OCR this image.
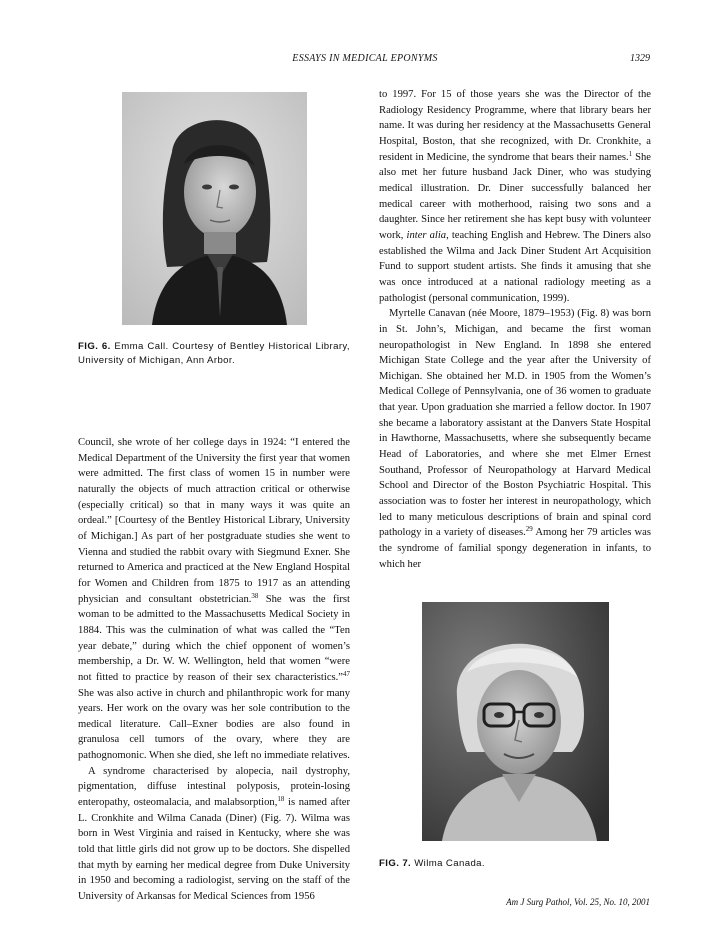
ESSAYS IN MEDICAL EPONYMS	1329
FIG. 6. Emma Call. Courtesy of Bentley Historical Library, University of Michigan, Ann Arbor.

Council, she wrote of her college days in 1924: “I entered the Medical Department of the University the first year that women were admitted. The first class of women 15 in number were naturally the objects of much attraction critical or otherwise (especially critical) so that in many ways it was quite an ordeal.” [Courtesy of the Bentley Historical Library, University of Michigan.] As part of her postgraduate studies she went to Vienna and studied the rabbit ovary with Siegmund Exner. She returned to America and practiced at the New England Hospital for Women and Children from 1875 to 1917 as an attending physician and consultant obstetrician.$^{38}$ She was the first woman to be admitted to the Massachusetts Medical Society in 1884. This was the culmination of what was called the “Ten year debate,” during which the chief opponent of women’s membership, a Dr. W. W. Wellington, held that women “were not fitted to practice by reason of their sex characteristics.”$^{47}$ She was also active in church and philanthropic work for many years. Her work on the ovary was her sole contribution to the medical literature. Call–Exner bodies are also found in granulosa cell tumors of the ovary, where they are pathognomonic. When she died, she left no immediate relatives.

A syndrome characterised by alopecia, nail dystrophy, pigmentation, diffuse intestinal polyposis, protein-losing enteropathy, osteomalacia, and malabsorption,$^{18}$ is named after L. Cronkhite and Wilma Canada (Diner) (Fig. 7). Wilma was born in West Virginia and raised in Kentucky, where she was told that little girls did not grow up to be doctors. She dispelled that myth by earning her medical degree from Duke University in 1950 and becoming a radiologist, serving on the staff of the University of Arkansas for Medical Sciences from 1956

to 1997. For 15 of those years she was the Director of the Radiology Residency Programme, where that library bears her name. It was during her residency at the Massachusetts General Hospital, Boston, that she recognized, with Dr. Cronkhite, a resident in Medicine, the syndrome that bears their names.$^1$ She also met her future husband Jack Diner, who was studying medical illustration. Dr. Diner successfully balanced her medical career with motherhood, raising two sons and a daughter. Since her retirement she has kept busy with volunteer work, inter alia, teaching English and Hebrew. The Diners also established the Wilma and Jack Diner Student Art Acquisition Fund to support student artists. She finds it amusing that she was once introduced at a national radiology meeting as a pathologist (personal communication, 1999).

Myrtelle Canavan (née Moore, 1879–1953) (Fig. 8) was born in St. John’s, Michigan, and became the first woman neuropathologist in New England. In 1898 she entered Michigan State College and the year after the University of Michigan. She obtained her M.D. in 1905 from the Women’s Medical College of Pennsylvania, one of 36 women to graduate that year. Upon graduation she married a fellow doctor. In 1907 she became a laboratory assistant at the Danvers State Hospital in Hawthorne, Massachusetts, where she subsequently became Head of Laboratories, and where she met Elmer Ernest Southand, Professor of Neuropathology at Harvard Medical School and Director of the Boston Psychiatric Hospital. This association was to foster her interest in neuropathology, which led to many meticulous descriptions of brain and spinal cord pathology in a variety of diseases.$^{29}$ Among her 79 articles was the syndrome of familial spongy degeneration in infants, to which her

FIG. 7. Wilma Canada.
Am J Surg Pathol, Vol. 25, No. 10, 2001
